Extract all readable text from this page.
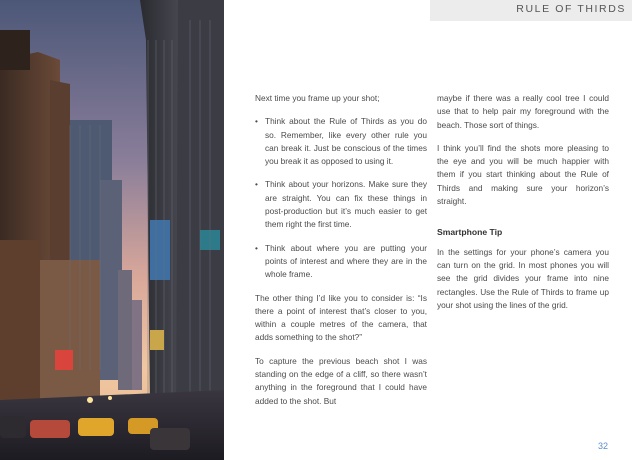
RULE OF THIRDS

Next time you frame up your shot;

• Think about the Rule of Thirds as you do so. Remember, like every other rule you can break it. Just be conscious of the times you break it as opposed to using it.
• Think about your horizons. Make sure they are straight. You can fix these things in post-production but it’s much easier to get them right the first time.
• Think about where you are putting your points of interest and where they are in the whole frame.

The other thing I’d like you to consider is: “Is there a point of interest that’s closer to you, within a couple metres of the camera, that adds something to the shot?”

To capture the previous beach shot I was standing on the edge of a cliff, so there wasn’t anything in the foreground that I could have added to the shot. But

maybe if there was a really cool tree I could use that to help pair my foreground with the beach. Those sort of things.

I think you’ll find the shots more pleasing to the eye and you will be much happier with them if you start thinking about the Rule of Thirds and making sure your horizon’s straight.

Smartphone Tip

In the settings for your phone’s camera you can turn on the grid. In most phones you will see the grid divides your frame into nine rectangles. Use the Rule of Thirds to frame up your shot using the lines of the grid.

32
